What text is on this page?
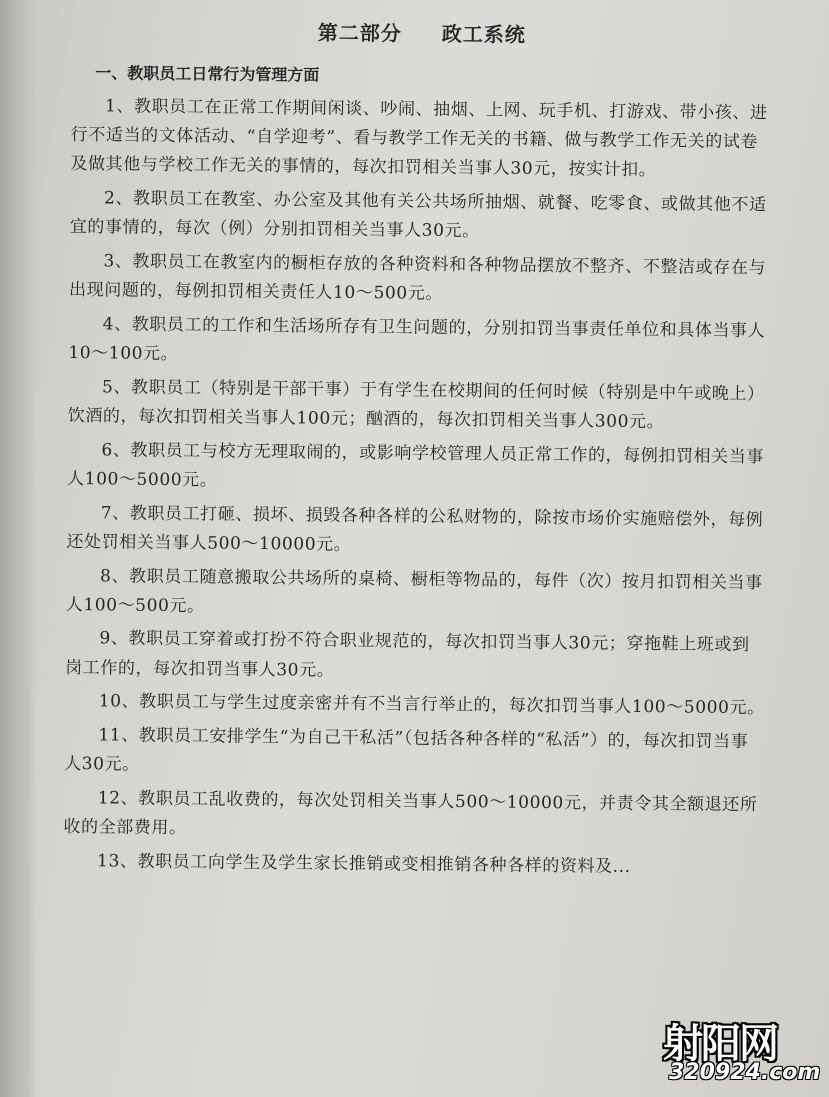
第二部分 政工系统
一、教职员工日常行为管理方面

1、教职员工在正常工作期间闲谈、吵闹、抽烟、上网、玩手机、打游戏、带小孩、进行不适当的文体活动、“自学迎考”、看与教学工作无关的书籍、做与教学工作无关的试卷及做其他与学校工作无关的事情的，每次扣罚相关当事人30元，按实计扣。

2、教职员工在教室、办公室及其他有关公共场所抽烟、就餐、吃零食、或做其他不适宜的事情的，每次（例）分别扣罚相关当事人30元。

3、教职员工在教室内的橱柜存放的各种资料和各种物品摆放不整齐、不整洁或存在与出现问题的，每例扣罚相关责任人10～500元。

4、教职员工的工作和生活场所存有卫生问题的，分别扣罚当事责任单位和具体当事人10～100元。

5、教职员工（特别是干部干事）于有学生在校期间的任何时候（特别是中午或晚上）饮酒的，每次扣罚相关当事人100元；酗酒的，每次扣罚相关当事人300元。

6、教职员工与校方无理取闹的，或影响学校管理人员正常工作的，每例扣罚相关当事人100～5000元。

7、教职员工打砸、损坏、损毁各种各样的公私财物的，除按市场价实施赔偿外，每例还处罚相关当事人500～10000元。

8、教职员工随意搬取公共场所的桌椅、橱柜等物品的，每件（次）按月扣罚相关当事人100～500元。

9、教职员工穿着或打扮不符合职业规范的，每次扣罚当事人30元；穿拖鞋上班或到岗工作的，每次扣罚当事人30元。

10、教职员工与学生过度亲密并有不当言行举止的，每次扣罚当事人100～5000元。

11、教职员工安排学生“为自己干私活”（包括各种各样的“私活”）的，每次扣罚当事人30元。

12、教职员工乱收费的，每次处罚相关当事人500～10000元，并责令其全额退还所收的全部费用。

13、教职员工向学生及学生家长推销或变相推销各种各样的资料及...

射阳网
320924.com
